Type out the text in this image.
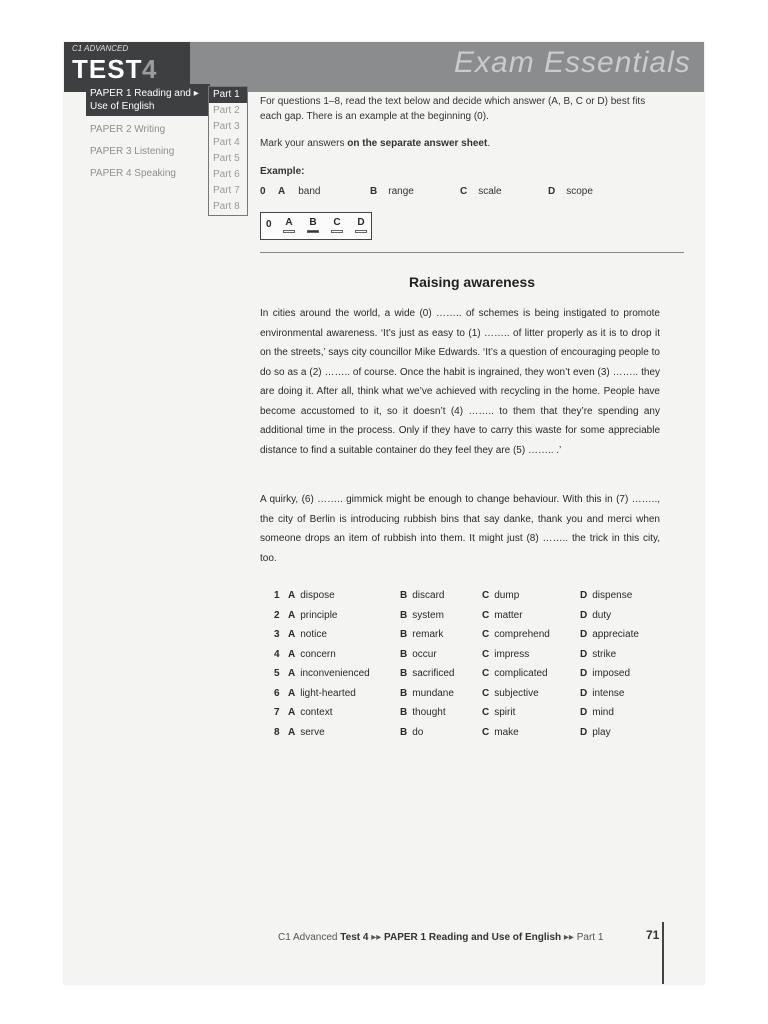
Exam Essentials
C1 ADVANCED
TEST 4
PAPER 1 Reading and ▸ Use of English
PAPER 2 Writing
PAPER 3 Listening
PAPER 4 Speaking
Part 1
Part 2
Part 3
Part 4
Part 5
Part 6
Part 7
Part 8
For questions 1–8, read the text below and decide which answer (A, B, C or D) best fits each gap. There is an example at the beginning (0).
Mark your answers on the separate answer sheet.
Example:
0 A band	B range	C scale	D scope
0	A	B	C	D
Raising awareness
In cities around the world, a wide (0) …….. of schemes is being instigated to promote environmental awareness. ‘It’s just as easy to (1) …….. of litter properly as it is to drop it on the streets,’ says city councillor Mike Edwards. ‘It’s a question of encouraging people to do so as a (2) …….. of course. Once the habit is ingrained, they won’t even (3) …….. they are doing it. After all, think what we’ve achieved with recycling in the home. People have become accustomed to it, so it doesn’t (4) …….. to them that they’re spending any additional time in the process. Only if they have to carry this waste for some appreciable distance to find a suitable container do they feel they are (5) …….. .’
A quirky, (6) …….. gimmick might be enough to change behaviour. With this in (7) …….., the city of Berlin is introducing rubbish bins that say danke, thank you and merci when someone drops an item of rubbish into them. It might just (8) …….. the trick in this city, too.
1 A dispose	B discard	C dump	D dispense
2 A principle	B system	C matter	D duty
3 A notice	B remark	C comprehend	D appreciate
4 A concern	B occur	C impress	D strike
5 A inconvenienced	B sacrificed	C complicated	D imposed
6 A light-hearted	B mundane	C subjective	D intense
7 A context	B thought	C spirit	D mind
8 A serve	B do	C make	D play
C1 Advanced Test 4 ▸▸ PAPER 1 Reading and Use of English ▸▸ Part 1	71
